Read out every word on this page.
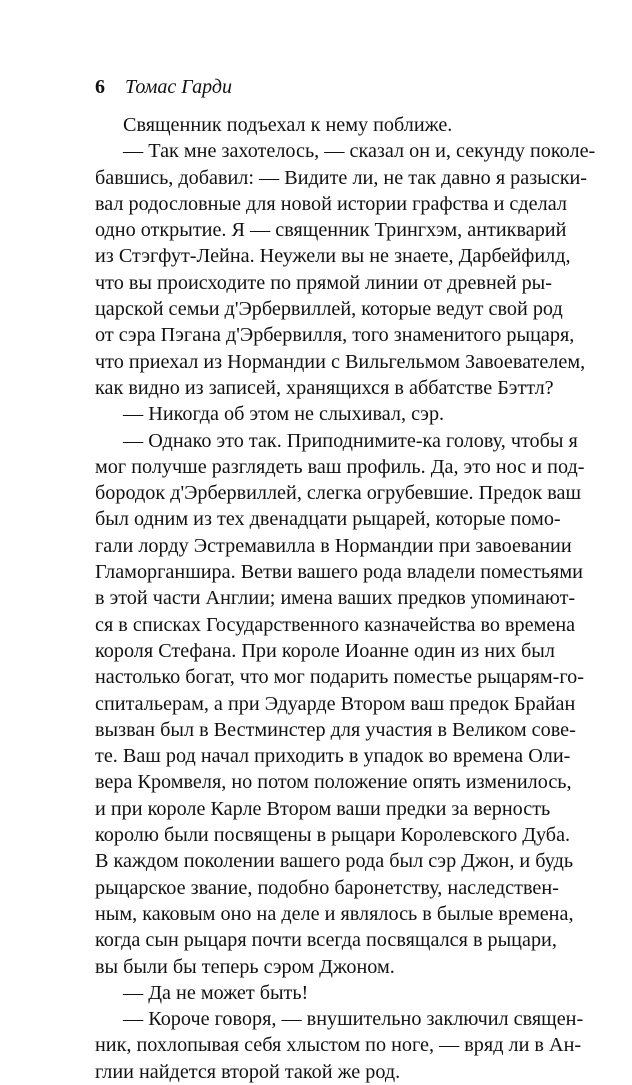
6 Томас Гарди
Священник подъехал к нему поближе.
— Так мне захотелось, — сказал он и, секунду поколе-
бавшись, добавил: — Видите ли, не так давно я разыски-
вал родословные для новой истории графства и сделал
одно открытие. Я — священник Трингхэм, антикварий
из Стэгфут-Лейна. Неужели вы не знаете, Дарбейфилд,
что вы происходите по прямой линии от древней ры-
царской семьи д'Эрбервиллей, которые ведут свой род
от сэра Пэгана д'Эрбервилля, того знаменитого рыцаря,
что приехал из Нормандии с Вильгельмом Завоевателем,
как видно из записей, хранящихся в аббатстве Бэттл?
— Никогда об этом не слыхивал, сэр.
— Однако это так. Приподнимите-ка голову, чтобы я
мог получше разглядеть ваш профиль. Да, это нос и под-
бородок д'Эрбервиллей, слегка огрубевшие. Предок ваш
был одним из тех двенадцати рыцарей, которые помо-
гали лорду Эстремавилла в Нормандии при завоевании
Гламорганшира. Ветви вашего рода владели поместьями
в этой части Англии; имена ваших предков упоминают-
ся в списках Государственного казначейства во времена
короля Стефана. При короле Иоанне один из них был
настолько богат, что мог подарить поместье рыцарям-го-
спитальерам, а при Эдуарде Втором ваш предок Брайан
вызван был в Вестминстер для участия в Великом сове-
те. Ваш род начал приходить в упадок во времена Оли-
вера Кромвеля, но потом положение опять изменилось,
и при короле Карле Втором ваши предки за верность
королю были посвящены в рыцари Королевского Дуба.
В каждом поколении вашего рода был сэр Джон, и будь
рыцарское звание, подобно баронетству, наследствен-
ным, каковым оно на деле и являлось в былые времена,
когда сын рыцаря почти всегда посвящался в рыцари,
вы были бы теперь сэром Джоном.
— Да не может быть!
— Короче говоря, — внушительно заключил священ-
ник, похлопывая себя хлыстом по ноге, — вряд ли в Ан-
глии найдется второй такой же род.
